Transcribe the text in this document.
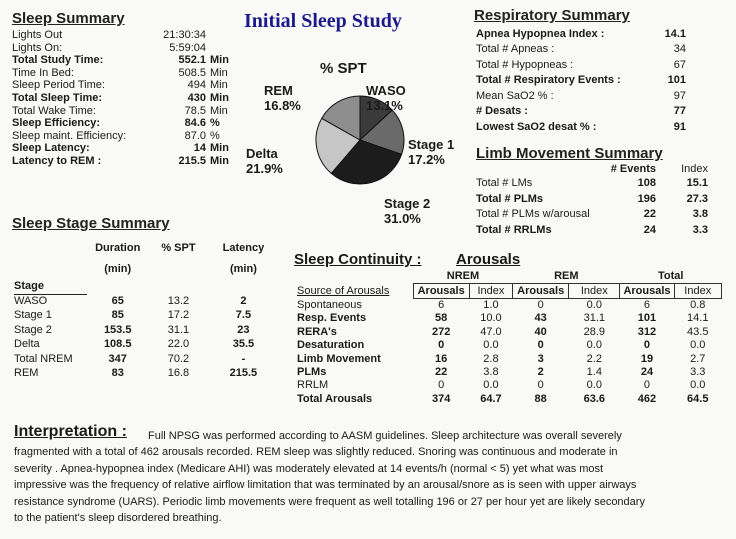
Initial Sleep Study
Sleep Summary
Lights Out	21:30:34	
Lights On:	5:59:04	
Total Study Time:	552.1	Min
Time In Bed:	508.5	Min
Sleep Period Time:	494	Min
Total Sleep Time:	430	Min
Total Wake Time:	78.5	Min
Sleep Efficiency:	84.6	%
Sleep maint. Efficiency:	87.0	%
Sleep Latency:	14	Min
Latency to REM :	215.5	Min
% SPT
REM
16.8%
WASO
13.1%
Stage 1
17.2%
Delta
21.9%
Stage 2
31.0%
Respiratory Summary
Apnea Hypopnea Index :	14.1
Total # Apneas :	34
Total # Hypopneas :	67
Total # Respiratory Events :	101
Mean SaO2 % :	97
# Desats :	77
Lowest SaO2 desat % :	91
Limb Movement Summary
	# Events	Index
Total # LMs	108	15.1
Total # PLMs	196	27.3
Total # PLMs w/arousal	22	3.8
Total # RRLMs	24	3.3
Sleep Stage Summary
	Duration	% SPT	Latency
	(min)		(min)
Stage			
WASO	65	13.2	2
Stage 1	85	17.2	7.5
Stage 2	153.5	31.1	23
Delta	108.5	22.0	35.5
Total NREM	347	70.2	-
REM	83	16.8	215.5
Sleep Continuity : Arousals
	NREM		REM		Total	
Source of Arousals	Arousals	Index	Arousals	Index	Arousals	Index
Spontaneous	6	1.0	0	0.0	6	0.8
Resp. Events	58	10.0	43	31.1	101	14.1
RERA's	272	47.0	40	28.9	312	43.5
Desaturation	0	0.0	0	0.0	0	0.0
Limb Movement	16	2.8	3	2.2	19	2.7
PLMs	22	3.8	2	1.4	24	3.3
RRLM	0	0.0	0	0.0	0	0.0
Total Arousals	374	64.7	88	63.6	462	64.5
Interpretation : Full NPSG was performed according to AASM guidelines. Sleep architecture was overall severely
fragmented with a total of 462 arousals recorded. REM sleep was slightly reduced. Snoring was continuous and moderate in
severity . Apnea-hypopnea index (Medicare AHI) was moderately elevated at 14 events/h (normal < 5) yet what was most
impressive was the frequency of relative airflow limitation that was terminated by an arousal/snore as is seen with upper airways
resistance syndrome (UARS). Periodic limb movements were frequent as well totalling 196 or 27 per hour yet are likely secondary
to the patient's sleep disordered breathing.
